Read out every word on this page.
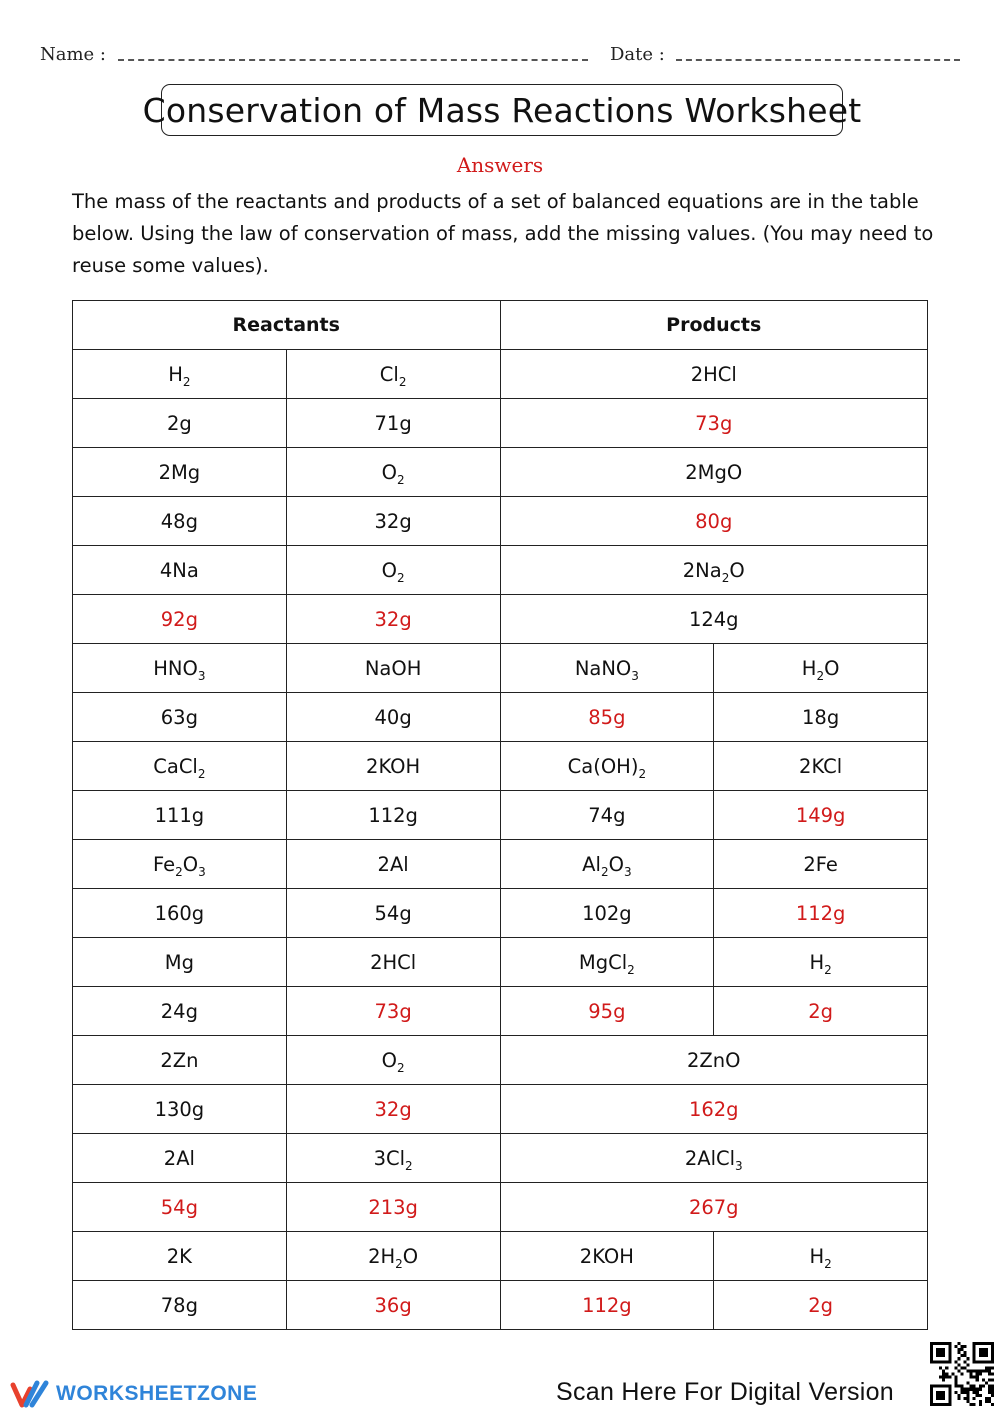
Name :	Date :
Conservation of Mass Reactions Worksheet
Answers
The mass of the reactants and products of a set of balanced equations are in the table below. Using the law of conservation of mass, add the missing values. (You may need to reuse some values).
Reactants		Products	
$H_2$	$Cl_2$	2HCl	
2g	71g	73g	
2Mg	$O_2$	2MgO	
48g	32g	80g	
4Na	$O_2$	$2Na_2O$	
92g	32g	124g	
$HNO_3$	NaOH	NaNO$_3$	$H_2O$
63g	40g	85g	18g
CaCl$_2$	2KOH	$Ca(OH)_2$	2KCl
111g	112g	74g	149g
$Fe_2O_3$	2Al	$Al_2O_3$	2Fe
160g	54g	102g	112g
Mg	2HCl	MgCl$_2$	$H_2$
24g	73g	95g	2g
2Zn	$O_2$	2ZnO	
130g	32g	162g	
2Al	$3Cl_2$	2AlCl$_3$
54g	213g	267g	
2K	$2H_2O$	2KOH	$H_2$
78g	36g	112g	2g
WORKSHEETZONE	Scan Here For Digital Version
